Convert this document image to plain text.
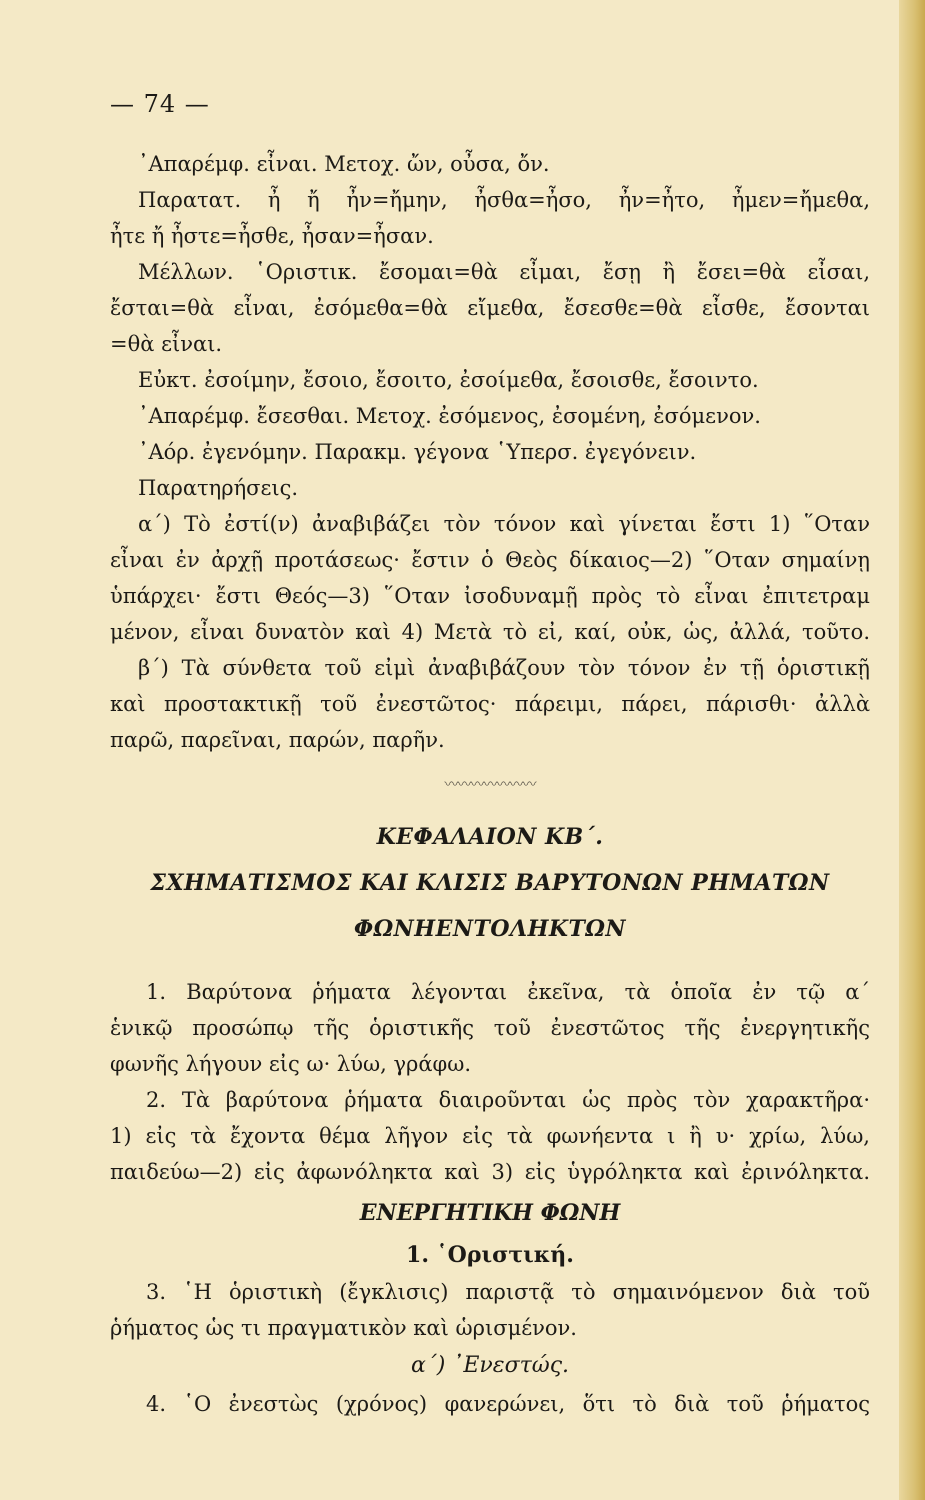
— 74 —

᾿Απαρέμφ. εἶναι. Μετοχ. ὤν, οὖσα, ὄν.

Παρατατ. ἦ ἤ ἦν=ἤμην, ἦσθα=ἦσο, ἦν=ἦτο, ἦμεν=ἤμεθα,

ἦτε ἤ ἦστε=ἦσθε, ἦσαν=ἦσαν.

Μέλλων. ῾Οριστικ. ἔσομαι=θὰ εἶμαι, ἔσῃ ἢ ἔσει=θὰ εἶσαι,

ἔσται=θὰ εἶναι, ἐσόμεθα=θὰ εἴμεθα, ἔσεσθε=θὰ εἶσθε, ἔσονται

=θὰ εἶναι.

Εὐκτ. ἐσοίμην, ἔσοιο, ἔσοιτο, ἐσοίμεθα, ἔσοισθε, ἔσοιντο.

᾿Απαρέμφ. ἔσεσθαι. Μετοχ. ἐσόμενος, ἐσομένη, ἐσόμενον.

᾿Αόρ. ἐγενόμην. Παρακμ. γέγονα ῾Υπερσ. ἐγεγόνειν.

Παρατηρήσεις.

α΄) Τὸ ἐστί(ν) ἀναβιβάζει τὸν τόνον καὶ γίνεται ἔστι 1) ῞Οταν

εἶναι ἐν ἀρχῇ προτάσεως· ἔστιν ὁ Θεὸς δίκαιος—2) ῞Οταν σημαίνῃ

ὑπάρχει· ἔστι Θεός—3) ῞Οταν ἰσοδυναμῇ πρὸς τὸ εἶναι ἐπιτετραμ

μένον, εἶναι δυνατὸν καὶ 4) Μετὰ τὸ εἰ, καί, οὐκ, ὡς, ἀλλά, τοῦτο.

β΄) Τὰ σύνθετα τοῦ εἰμὶ ἀναβιβάζουν τὸν τόνον ἐν τῇ ὁριστικῇ

καὶ προστακτικῇ τοῦ ἐνεστῶτος· πάρειμι, πάρει, πάρισθι· ἀλλὰ

παρῶ, παρεῖναι, παρών, παρῆν.

〰〰〰〰〰〰〰

ΚΕΦΑΛΑΙΟΝ ΚΒ΄.

ΣΧΗΜΑΤΙΣΜΟΣ ΚΑΙ ΚΛΙΣΙΣ ΒΑΡΥΤΟΝΩΝ ΡΗΜΑΤΩΝ

ΦΩΝΗΕΝΤΟΛΗΚΤΩΝ

1. Βαρύτονα ῥήματα λέγονται ἐκεῖνα, τὰ ὁποῖα ἐν τῷ α΄

ἑνικῷ προσώπῳ τῆς ὁριστικῆς τοῦ ἐνεστῶτος τῆς ἐνεργητικῆς

φωνῆς λήγουν εἰς ω· λύω, γράφω.

2. Τὰ βαρύτονα ῥήματα διαιροῦνται ὡς πρὸς τὸν χαρακτῆρα·

1) εἰς τὰ ἔχοντα θέμα λῆγον εἰς τὰ φωνήεντα ι ἢ υ· χρίω, λύω,

παιδεύω—2) εἰς ἀφωνόληκτα καὶ 3) εἰς ὑγρόληκτα καὶ ἐρινόληκτα.

ΕΝΕΡΓΗΤΙΚΗ ΦΩΝΗ

1. ῾Οριστική.

3. ῾Η ὁριστικὴ (ἔγκλισις) παριστᾷ τὸ σημαινόμενον διὰ τοῦ

ῥήματος ὡς τι πραγματικὸν καὶ ὡρισμένον.

α΄) ᾿Ενεστώς.

4. ῾Ο ἐνεστὼς (χρόνος) φανερώνει, ὅτι τὸ διὰ τοῦ ῥήματος
